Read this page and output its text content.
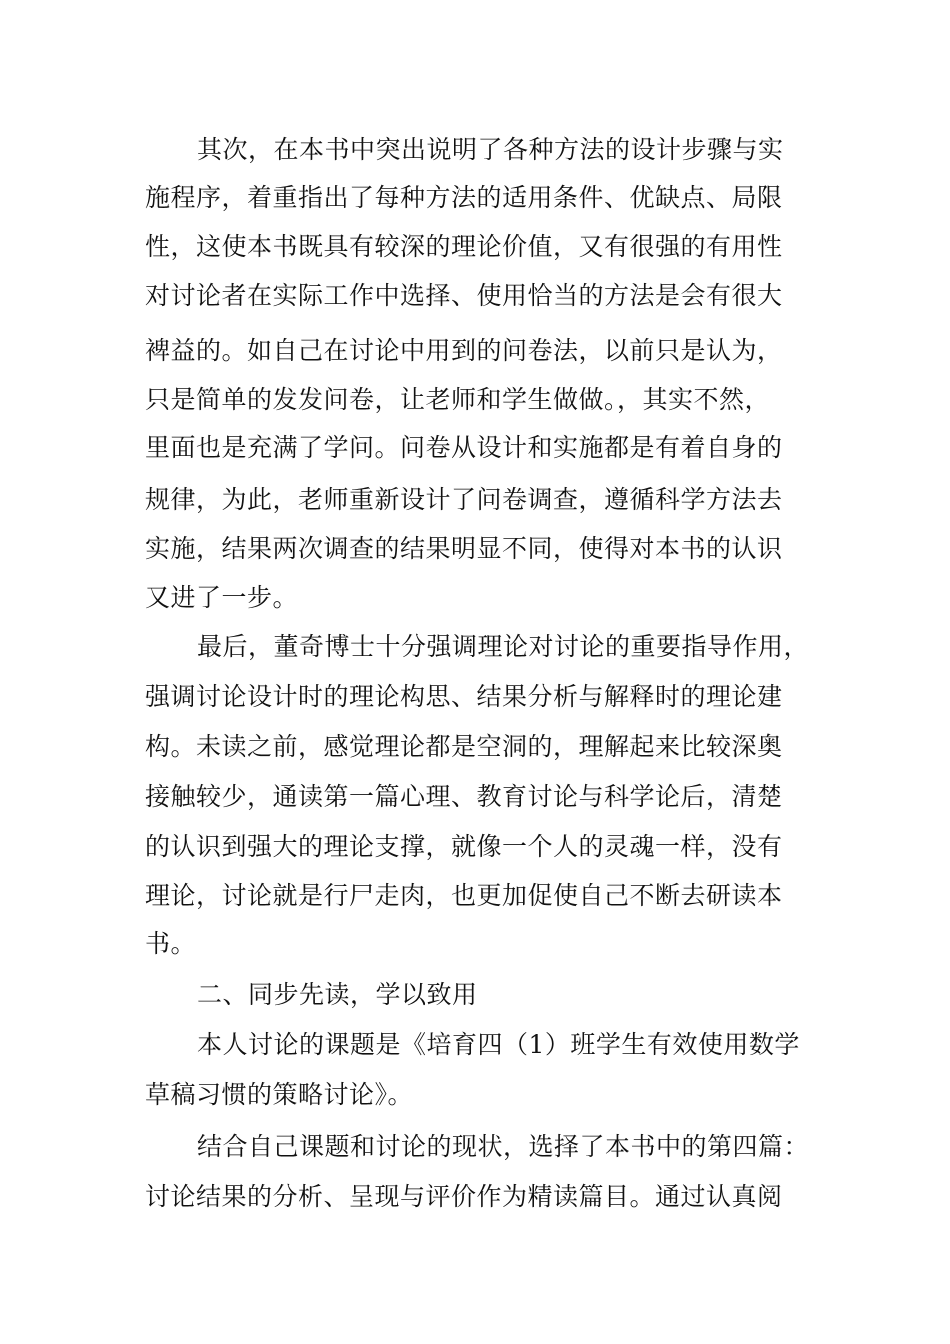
其次，在本书中突出说明了各种方法的设计步骤与实
施程序，着重指出了每种方法的适用条件、优缺点、局限
性，这使本书既具有较深的理论价值，又有很强的有用性
对讨论者在实际工作中选择、使用恰当的方法是会有很大
裨益的。如自己在讨论中用到的问卷法，以前只是认为，
只是简单的发发问卷，让老师和学生做做。，其实不然，
里面也是充满了学问。问卷从设计和实施都是有着自身的
规律，为此，老师重新设计了问卷调查，遵循科学方法去
实施，结果两次调查的结果明显不同，使得对本书的认识
又进了一步。
最后，董奇博士十分强调理论对讨论的重要指导作用，
强调讨论设计时的理论构思、结果分析与解释时的理论建
构。未读之前，感觉理论都是空洞的，理解起来比较深奥
接触较少，通读第一篇心理、教育讨论与科学论后，清楚
的认识到强大的理论支撑，就像一个人的灵魂一样，没有
理论，讨论就是行尸走肉，也更加促使自己不断去研读本
书。
二、同步先读，学以致用
本人讨论的课题是《培育四（1）班学生有效使用数学
草稿习惯的策略讨论》。
结合自己课题和讨论的现状，选择了本书中的第四篇：
讨论结果的分析、呈现与评价作为精读篇目。通过认真阅
